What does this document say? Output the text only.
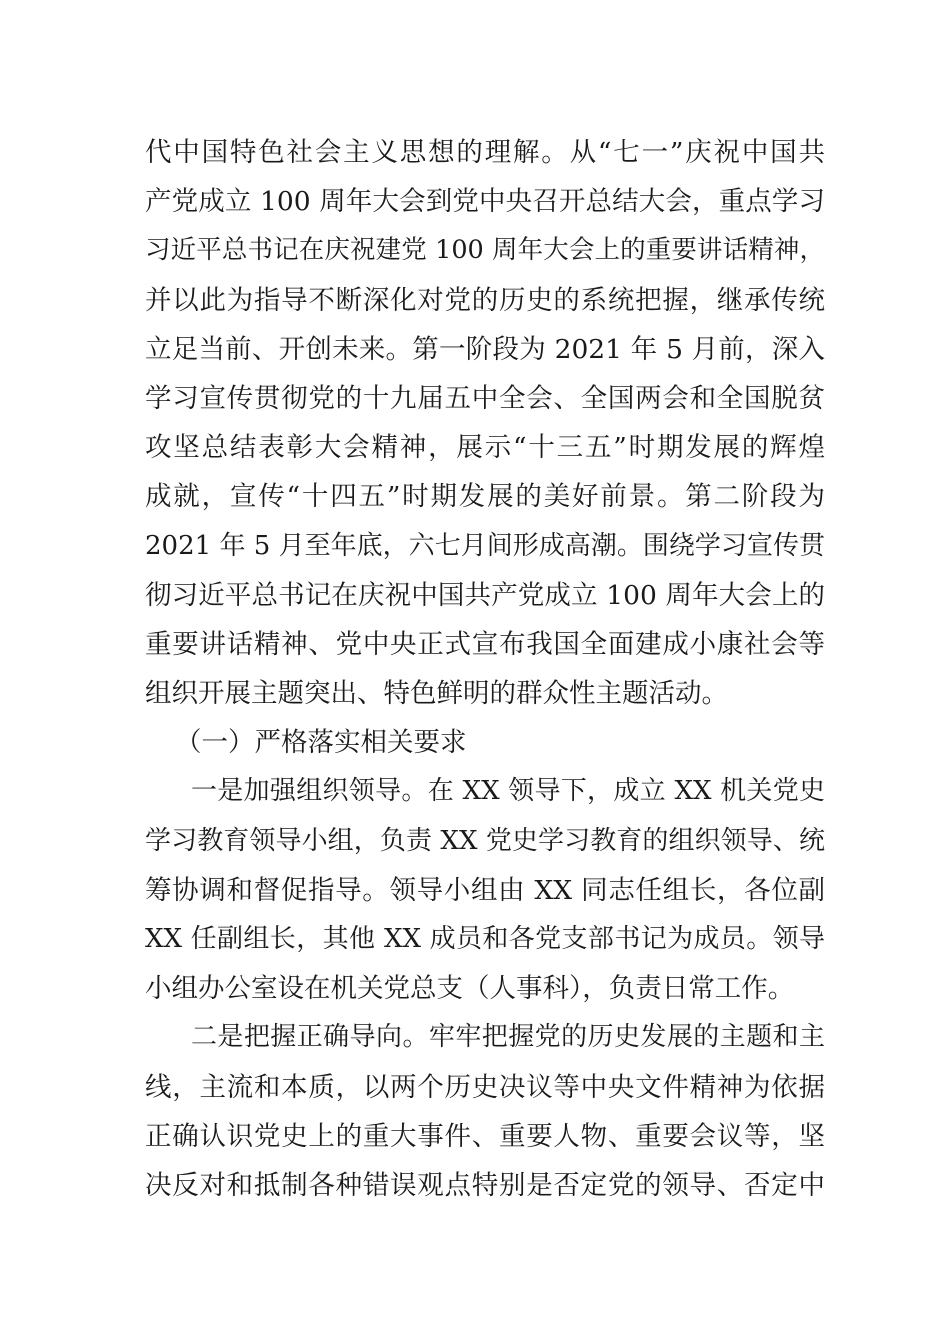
代中国特色社会主义思想的理解。从“七一”庆祝中国共
产党成立 100 周年大会到党中央召开总结大会，重点学习
习近平总书记在庆祝建党 100 周年大会上的重要讲话精神，
并以此为指导不断深化对党的历史的系统把握，继承传统
立足当前、开创未来。第一阶段为 2021 年 5 月前，深入
学习宣传贯彻党的十九届五中全会、全国两会和全国脱贫
攻坚总结表彰大会精神，展示“十三五”时期发展的辉煌
成就，宣传“十四五”时期发展的美好前景。第二阶段为
2021 年 5 月至年底，六七月间形成高潮。围绕学习宣传贯
彻习近平总书记在庆祝中国共产党成立 100 周年大会上的
重要讲话精神、党中央正式宣布我国全面建成小康社会等
组织开展主题突出、特色鲜明的群众性主题活动。
（一）严格落实相关要求
一是加强组织领导。在 XX 领导下，成立 XX 机关党史
学习教育领导小组，负责 XX 党史学习教育的组织领导、统
筹协调和督促指导。领导小组由 XX 同志任组长，各位副
XX 任副组长，其他 XX 成员和各党支部书记为成员。领导
小组办公室设在机关党总支（人事科），负责日常工作。
二是把握正确导向。牢牢把握党的历史发展的主题和主
线，主流和本质，以两个历史决议等中央文件精神为依据
正确认识党史上的重大事件、重要人物、重要会议等，坚
决反对和抵制各种错误观点特别是否定党的领导、否定中
